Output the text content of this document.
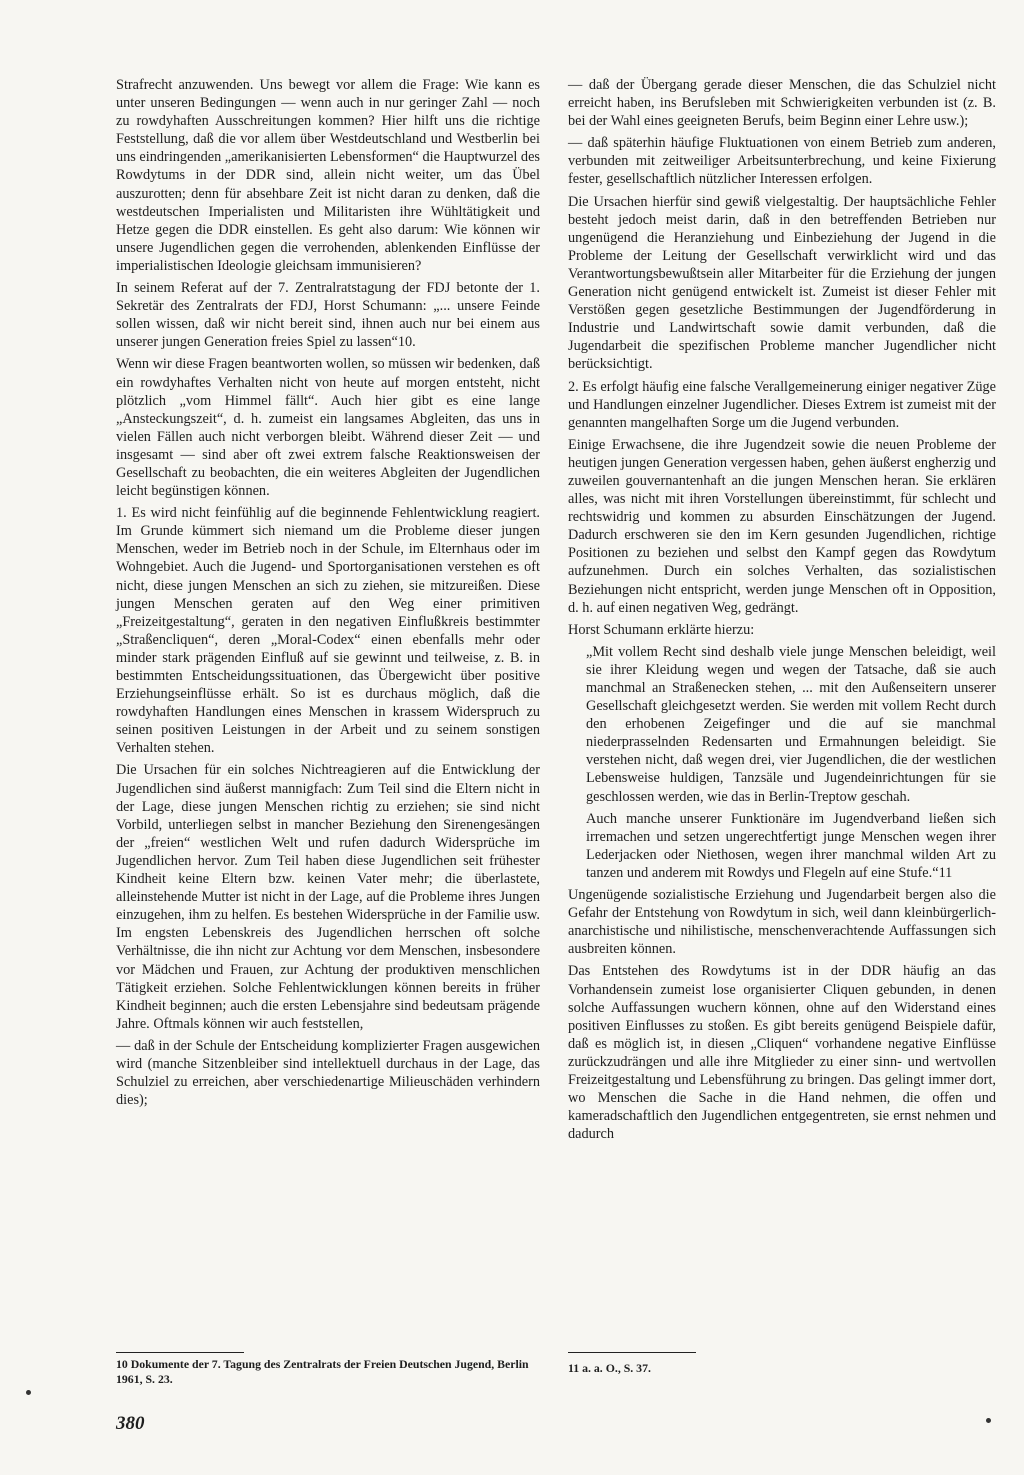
Strafrecht anzuwenden. Uns bewegt vor allem die Frage: Wie kann es unter unseren Bedingungen — wenn auch in nur geringer Zahl — noch zu rowdyhaften Ausschreitungen kommen? Hier hilft uns die richtige Feststellung, daß die vor allem über Westdeutschland und Westberlin bei uns eindringenden „amerikanisierten Lebensformen“ die Hauptwurzel des Rowdytums in der DDR sind, allein nicht weiter, um das Übel auszurotten; denn für absehbare Zeit ist nicht daran zu denken, daß die westdeutschen Imperialisten und Militaristen ihre Wühltätigkeit und Hetze gegen die DDR einstellen. Es geht also darum: Wie können wir unsere Jugendlichen gegen die verrohenden, ablenkenden Einflüsse der imperialistischen Ideologie gleichsam immunisieren?

In seinem Referat auf der 7. Zentralratstagung der FDJ betonte der 1. Sekretär des Zentralrats der FDJ, Horst Schumann: „... unsere Feinde sollen wissen, daß wir nicht bereit sind, ihnen auch nur bei einem aus unserer jungen Generation freies Spiel zu lassen“10.

Wenn wir diese Fragen beantworten wollen, so müssen wir bedenken, daß ein rowdyhaftes Verhalten nicht von heute auf morgen entsteht, nicht plötzlich „vom Himmel fällt“. Auch hier gibt es eine lange „Ansteckungszeit“, d. h. zumeist ein langsames Abgleiten, das uns in vielen Fällen auch nicht verborgen bleibt. Während dieser Zeit — und insgesamt — sind aber oft zwei extrem falsche Reaktionsweisen der Gesellschaft zu beobachten, die ein weiteres Abgleiten der Jugendlichen leicht begünstigen können.

1. Es wird nicht feinfühlig auf die beginnende Fehlentwicklung reagiert. Im Grunde kümmert sich niemand um die Probleme dieser jungen Menschen, weder im Betrieb noch in der Schule, im Elternhaus oder im Wohngebiet. Auch die Jugend- und Sportorganisationen verstehen es oft nicht, diese jungen Menschen an sich zu ziehen, sie mitzureißen. Diese jungen Menschen geraten auf den Weg einer primitiven „Freizeitgestaltung“, geraten in den negativen Einflußkreis bestimmter „Straßencliquen“, deren „Moral-Codex“ einen ebenfalls mehr oder minder stark prägenden Einfluß auf sie gewinnt und teilweise, z. B. in bestimmten Entscheidungssituationen, das Übergewicht über positive Erziehungseinflüsse erhält. So ist es durchaus möglich, daß die rowdyhaften Handlungen eines Menschen in krassem Widerspruch zu seinen positiven Leistungen in der Arbeit und zu seinem sonstigen Verhalten stehen.

Die Ursachen für ein solches Nichtreagieren auf die Entwicklung der Jugendlichen sind äußerst mannigfach: Zum Teil sind die Eltern nicht in der Lage, diese jungen Menschen richtig zu erziehen; sie sind nicht Vorbild, unterliegen selbst in mancher Beziehung den Sirenengesängen der „freien“ westlichen Welt und rufen dadurch Widersprüche im Jugendlichen hervor. Zum Teil haben diese Jugendlichen seit frühester Kindheit keine Eltern bzw. keinen Vater mehr; die überlastete, alleinstehende Mutter ist nicht in der Lage, auf die Probleme ihres Jungen einzugehen, ihm zu helfen. Es bestehen Widersprüche in der Familie usw. Im engsten Lebenskreis des Jugendlichen herrschen oft solche Verhältnisse, die ihn nicht zur Achtung vor dem Menschen, insbesondere vor Mädchen und Frauen, zur Achtung der produktiven menschlichen Tätigkeit erziehen. Solche Fehlentwicklungen können bereits in früher Kindheit beginnen; auch die ersten Lebensjahre sind bedeutsam prägende Jahre. Oftmals können wir auch feststellen,

— daß in der Schule der Entscheidung komplizierter Fragen ausgewichen wird (manche Sitzenbleiber sind intellektuell durchaus in der Lage, das Schulziel zu erreichen, aber verschiedenartige Milieuschäden verhindern dies);

— daß der Übergang gerade dieser Menschen, die das Schulziel nicht erreicht haben, ins Berufsleben mit Schwierigkeiten verbunden ist (z. B. bei der Wahl eines geeigneten Berufs, beim Beginn einer Lehre usw.);

— daß späterhin häufige Fluktuationen von einem Betrieb zum anderen, verbunden mit zeitweiliger Arbeitsunterbrechung, und keine Fixierung fester, gesellschaftlich nützlicher Interessen erfolgen.

Die Ursachen hierfür sind gewiß vielgestaltig. Der hauptsächliche Fehler besteht jedoch meist darin, daß in den betreffenden Betrieben nur ungenügend die Heranziehung und Einbeziehung der Jugend in die Probleme der Leitung der Gesellschaft verwirklicht wird und das Verantwortungsbewußtsein aller Mitarbeiter für die Erziehung der jungen Generation nicht genügend entwickelt ist. Zumeist ist dieser Fehler mit Verstößen gegen gesetzliche Bestimmungen der Jugendförderung in Industrie und Landwirtschaft sowie damit verbunden, daß die Jugendarbeit die spezifischen Probleme mancher Jugendlicher nicht berücksichtigt.

2. Es erfolgt häufig eine falsche Verallgemeinerung einiger negativer Züge und Handlungen einzelner Jugendlicher. Dieses Extrem ist zumeist mit der genannten mangelhaften Sorge um die Jugend verbunden.

Einige Erwachsene, die ihre Jugendzeit sowie die neuen Probleme der heutigen jungen Generation vergessen haben, gehen äußerst engherzig und zuweilen gouvernantenhaft an die jungen Menschen heran. Sie erklären alles, was nicht mit ihren Vorstellungen übereinstimmt, für schlecht und rechtswidrig und kommen zu absurden Einschätzungen der Jugend. Dadurch erschweren sie den im Kern gesunden Jugendlichen, richtige Positionen zu beziehen und selbst den Kampf gegen das Rowdytum aufzunehmen. Durch ein solches Verhalten, das sozialistischen Beziehungen nicht entspricht, werden junge Menschen oft in Opposition, d. h. auf einen negativen Weg, gedrängt.

Horst Schumann erklärte hierzu:

„Mit vollem Recht sind deshalb viele junge Menschen beleidigt, weil sie ihrer Kleidung wegen und wegen der Tatsache, daß sie auch manchmal an Straßenecken stehen, ... mit den Außenseitern unserer Gesellschaft gleichgesetzt werden. Sie werden mit vollem Recht durch den erhobenen Zeigefinger und die auf sie manchmal niederprasselnden Redensarten und Ermahnungen beleidigt. Sie verstehen nicht, daß wegen drei, vier Jugendlichen, die der westlichen Lebensweise huldigen, Tanzsäle und Jugendeinrichtungen für sie geschlossen werden, wie das in Berlin-Treptow geschah.

Auch manche unserer Funktionäre im Jugendverband ließen sich irremachen und setzen ungerechtfertigt junge Menschen wegen ihrer Lederjacken oder Niethosen, wegen ihrer manchmal wilden Art zu tanzen und anderem mit Rowdys und Flegeln auf eine Stufe.“11

Ungenügende sozialistische Erziehung und Jugendarbeit bergen also die Gefahr der Entstehung von Rowdytum in sich, weil dann kleinbürgerlich-anarchistische und nihilistische, menschenverachtende Auffassungen sich ausbreiten können.

Das Entstehen des Rowdytums ist in der DDR häufig an das Vorhandensein zumeist lose organisierter Cliquen gebunden, in denen solche Auffassungen wuchern können, ohne auf den Widerstand eines positiven Einflusses zu stoßen. Es gibt bereits genügend Beispiele dafür, daß es möglich ist, in diesen „Cliquen“ vorhandene negative Einflüsse zurückzudrängen und alle ihre Mitglieder zu einer sinn- und wertvollen Freizeitgestaltung und Lebensführung zu bringen. Das gelingt immer dort, wo Menschen die Sache in die Hand nehmen, die offen und kameradschaftlich den Jugendlichen entgegentreten, sie ernst nehmen und dadurch

10 Dokumente der 7. Tagung des Zentralrats der Freien Deutschen Jugend, Berlin 1961, S. 23.

11 a. a. O., S. 37.

380
